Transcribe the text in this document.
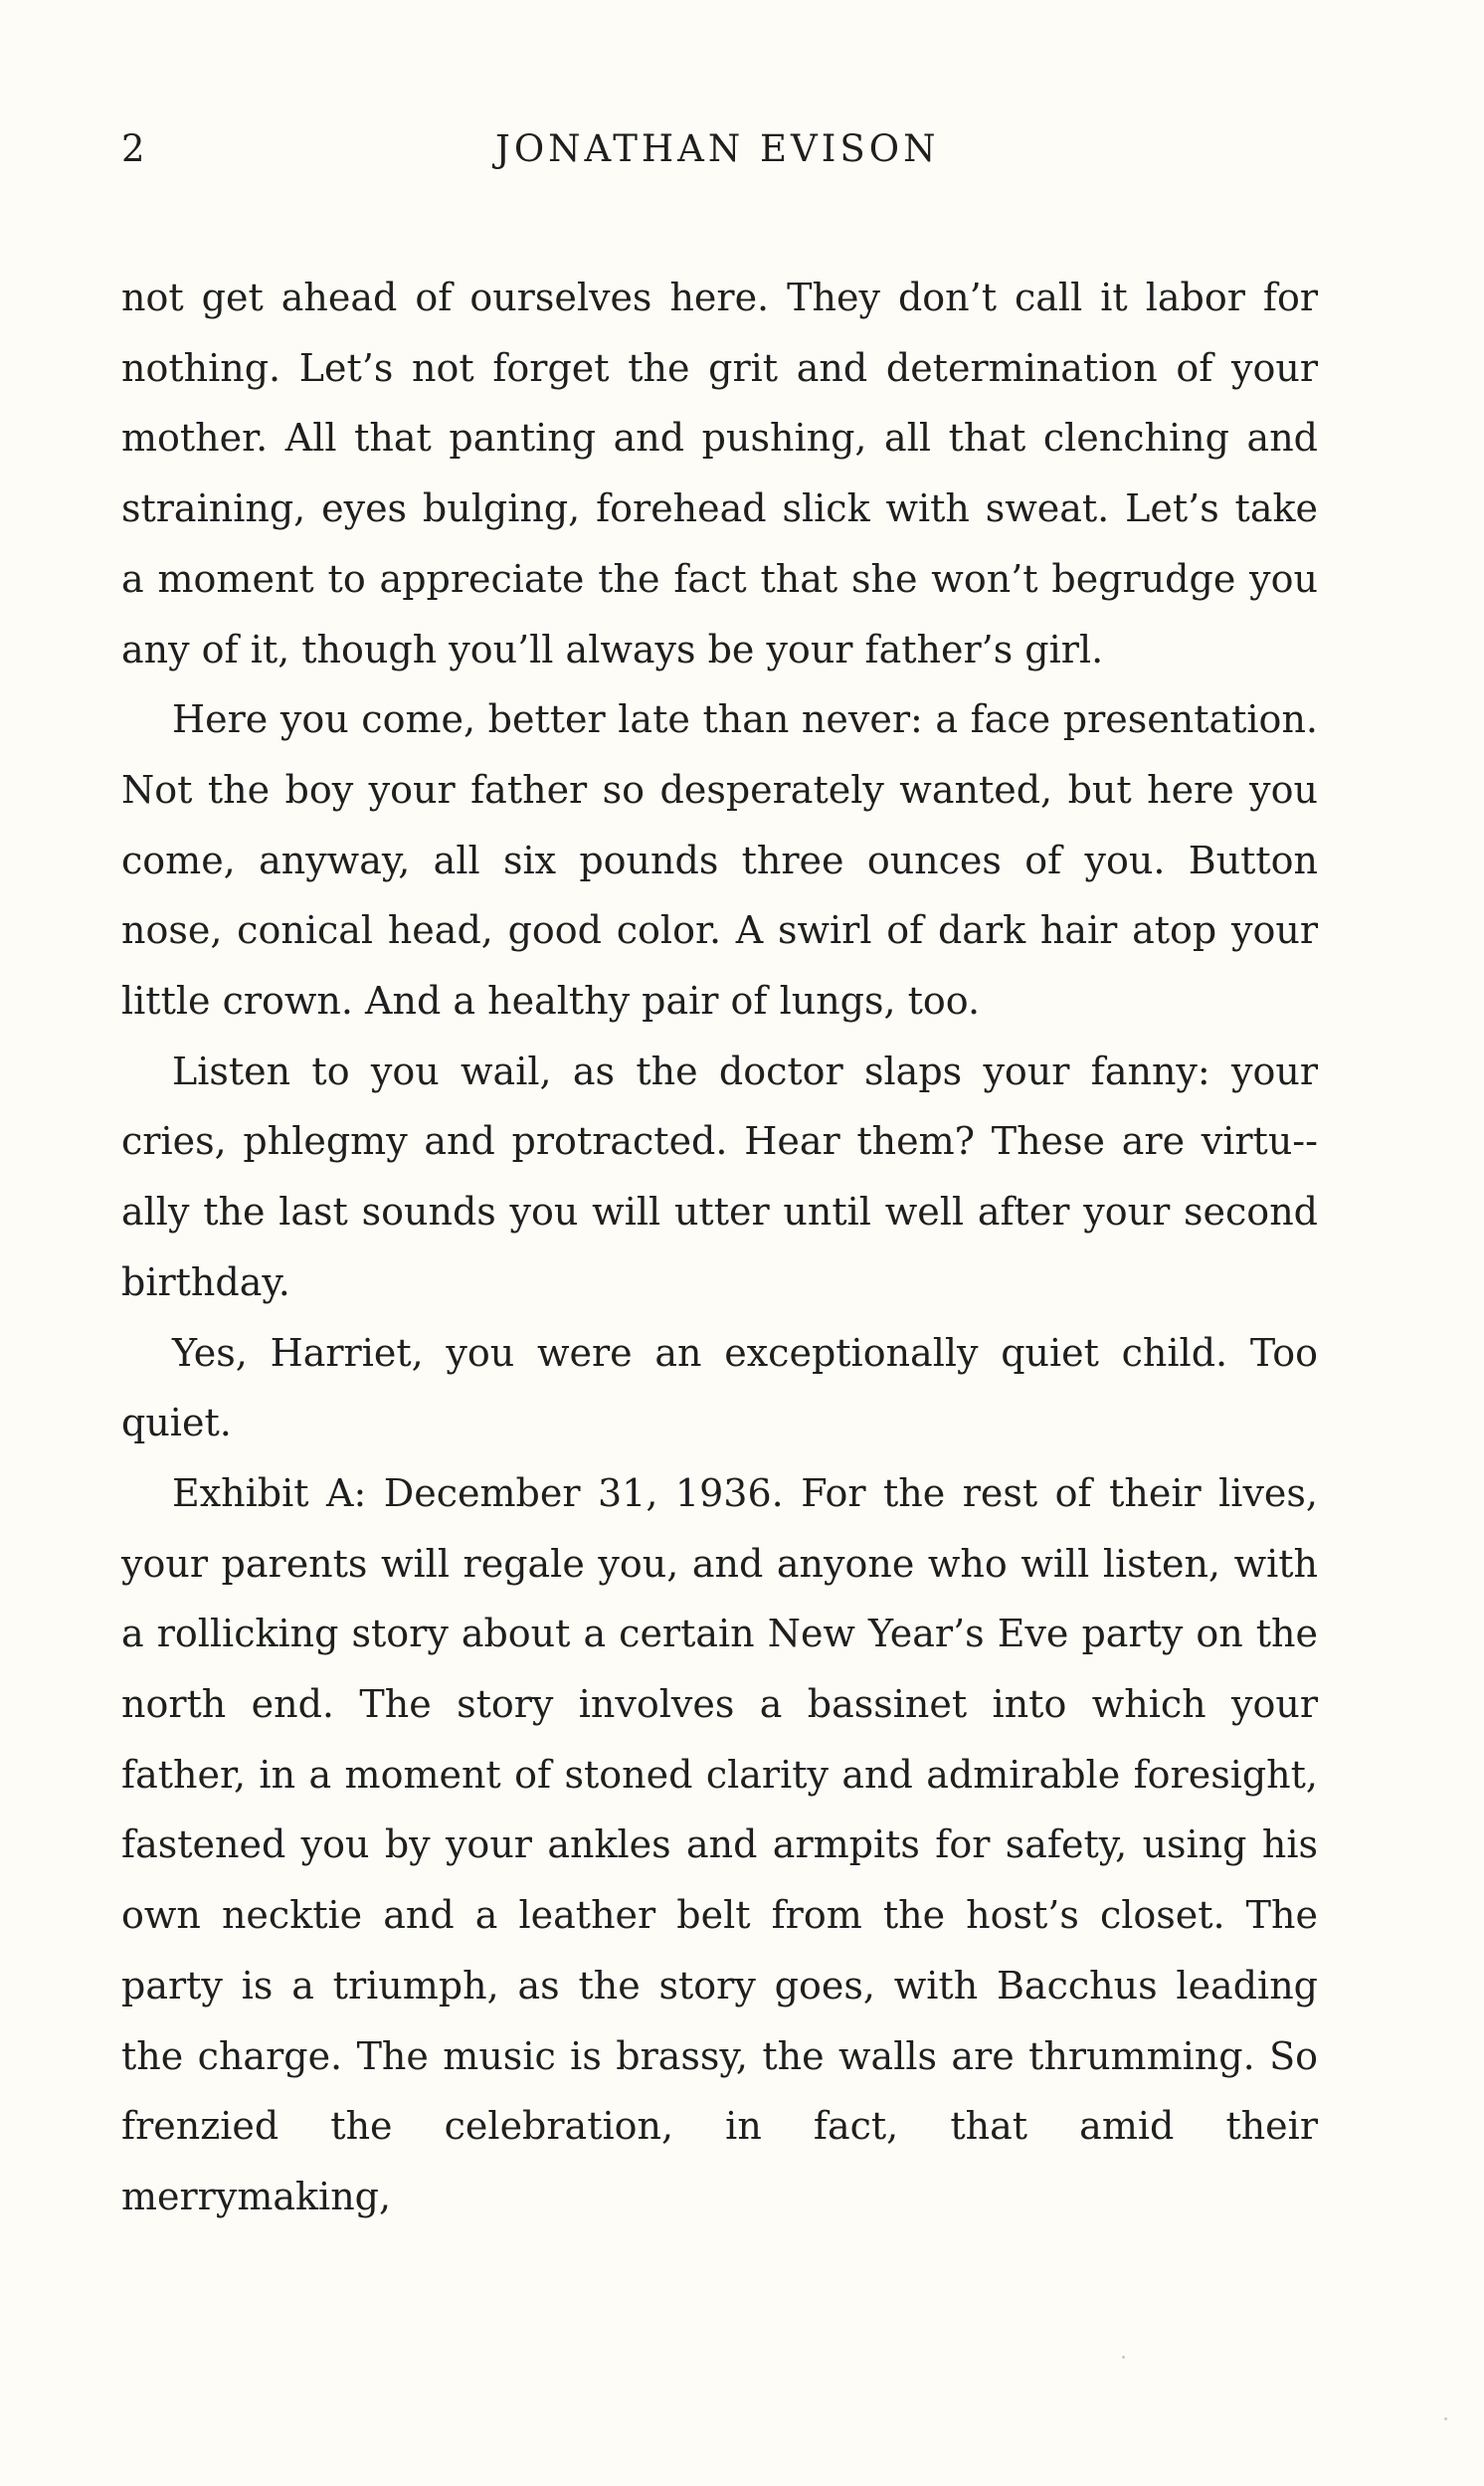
2	JONATHAN EVISON

not get ahead of ourselves here. They don’t call it labor for nothing. Let’s not forget the grit and determination of your mother. All that panting and pushing, all that clenching and straining, eyes bulging, forehead slick with sweat. Let’s take a moment to appreciate the fact that she won’t begrudge you any of it, though you’ll always be your father’s girl.

Here you come, better late than never: a face presentation. Not the boy your father so desperately wanted, but here you come, anyway, all six pounds three ounces of you. Button nose, conical head, good color. A swirl of dark hair atop your little crown. And a healthy pair of lungs, too.

Listen to you wail, as the doctor slaps your fanny: your cries, phlegmy and protracted. Hear them? These are virtu-ally the last sounds you will utter until well after your second birthday.

Yes, Harriet, you were an exceptionally quiet child. Too quiet.

Exhibit A: December 31, 1936. For the rest of their lives, your parents will regale you, and anyone who will listen, with a rollicking story about a certain New Year’s Eve party on the north end. The story involves a bassinet into which your father, in a moment of stoned clarity and admirable foresight, fastened you by your ankles and armpits for safety, using his own necktie and a leather belt from the host’s closet. The party is a triumph, as the story goes, with Bacchus leading the charge. The music is brassy, the walls are thrumming. So frenzied the celebration, in fact, that amid their merrymaking,
